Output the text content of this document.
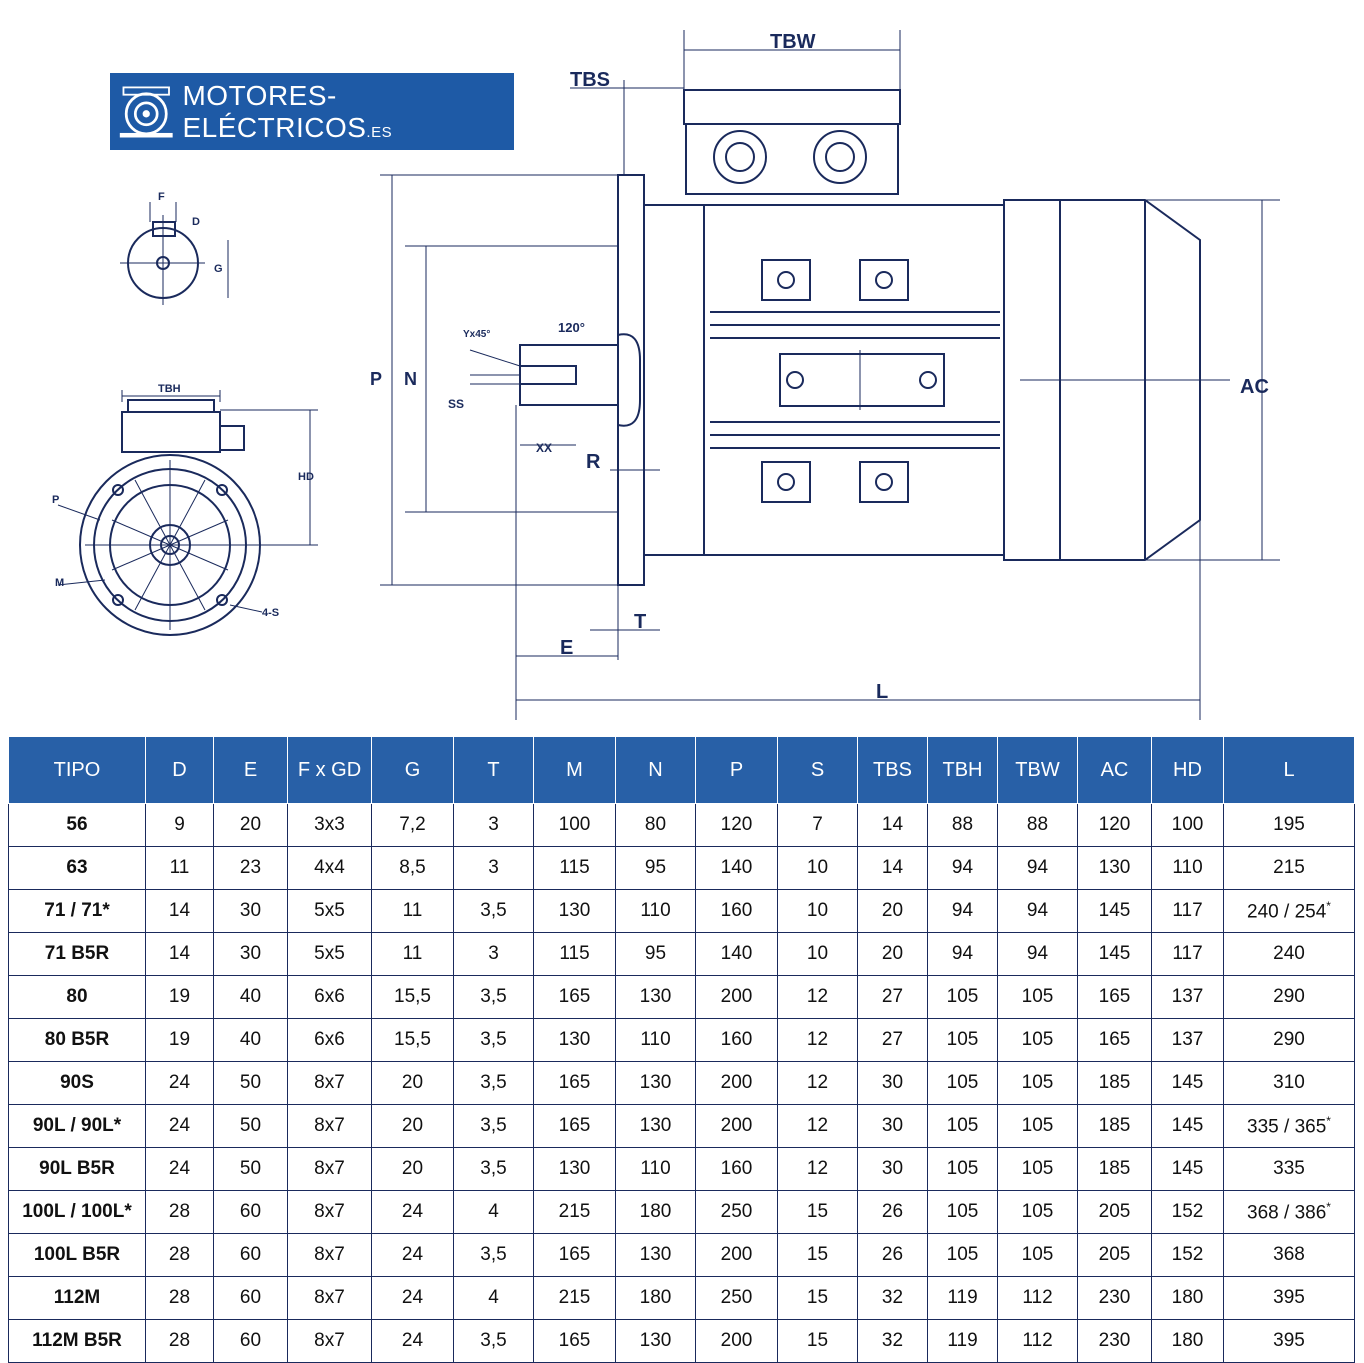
MOTORES-ELÉCTRICOS.ES
F
D
G
TBH
HD
P
M
4-S
TBW
TBS
P N
Yx45°	120°
SS
XX
R
T
E
L
AC
TIPO	D	E	F x GD	G	T	M	N	P	S	TBS	TBH	TBW	AC	HD	L
56	9	20	3x3	7,2	3	100	80	120	7	14	88	88	120	100	195
63	11	23	4x4	8,5	3	115	95	140	10	14	94	94	130	110	215
71 / 71*	14	30	5x5	11	3,5	130	110	160	10	20	94	94	145	117	240 / 254*
71 B5R	14	30	5x5	11	3	115	95	140	10	20	94	94	145	117	240
80	19	40	6x6	15,5	3,5	165	130	200	12	27	105	105	165	137	290
80 B5R	19	40	6x6	15,5	3,5	130	110	160	12	27	105	105	165	137	290
90S	24	50	8x7	20	3,5	165	130	200	12	30	105	105	185	145	310
90L / 90L*	24	50	8x7	20	3,5	165	130	200	12	30	105	105	185	145	335 / 365*
90L B5R	24	50	8x7	20	3,5	130	110	160	12	30	105	105	185	145	335
100L / 100L*	28	60	8x7	24	4	215	180	250	15	26	105	105	205	152	368 / 386*
100L B5R	28	60	8x7	24	3,5	165	130	200	15	26	105	105	205	152	368
112M	28	60	8x7	24	4	215	180	250	15	32	119	112	230	180	395
112M B5R	28	60	8x7	24	3,5	165	130	200	15	32	119	112	230	180	395
